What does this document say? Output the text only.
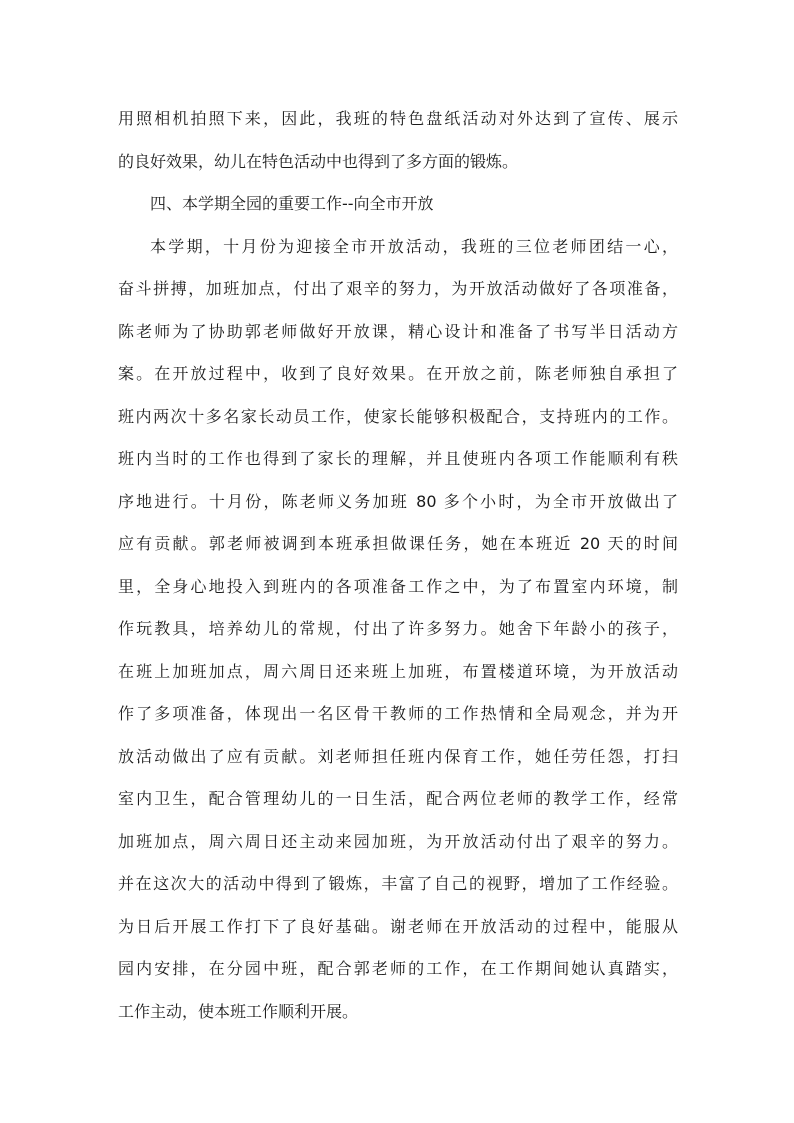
用照相机拍照下来，因此，我班的特色盘纸活动对外达到了宣传、展示
的良好效果，幼儿在特色活动中也得到了多方面的锻炼。
四、本学期全园的重要工作--向全市开放
本学期，十月份为迎接全市开放活动，我班的三位老师团结一心，
奋斗拼搏，加班加点，付出了艰辛的努力，为开放活动做好了各项准备，
陈老师为了协助郭老师做好开放课，精心设计和准备了书写半日活动方
案。在开放过程中，收到了良好效果。在开放之前，陈老师独自承担了
班内两次十多名家长动员工作，使家长能够积极配合，支持班内的工作。
班内当时的工作也得到了家长的理解，并且使班内各项工作能顺利有秩
序地进行。十月份，陈老师义务加班 80 多个小时，为全市开放做出了
应有贡献。郭老师被调到本班承担做课任务，她在本班近 20 天的时间
里，全身心地投入到班内的各项准备工作之中，为了布置室内环境，制
作玩教具，培养幼儿的常规，付出了许多努力。她舍下年龄小的孩子，
在班上加班加点，周六周日还来班上加班，布置楼道环境，为开放活动
作了多项准备，体现出一名区骨干教师的工作热情和全局观念，并为开
放活动做出了应有贡献。刘老师担任班内保育工作，她任劳任怨，打扫
室内卫生，配合管理幼儿的一日生活，配合两位老师的教学工作，经常
加班加点，周六周日还主动来园加班，为开放活动付出了艰辛的努力。
并在这次大的活动中得到了锻炼，丰富了自己的视野，增加了工作经验。
为日后开展工作打下了良好基础。谢老师在开放活动的过程中，能服从
园内安排，在分园中班，配合郭老师的工作，在工作期间她认真踏实，
工作主动，使本班工作顺利开展。
